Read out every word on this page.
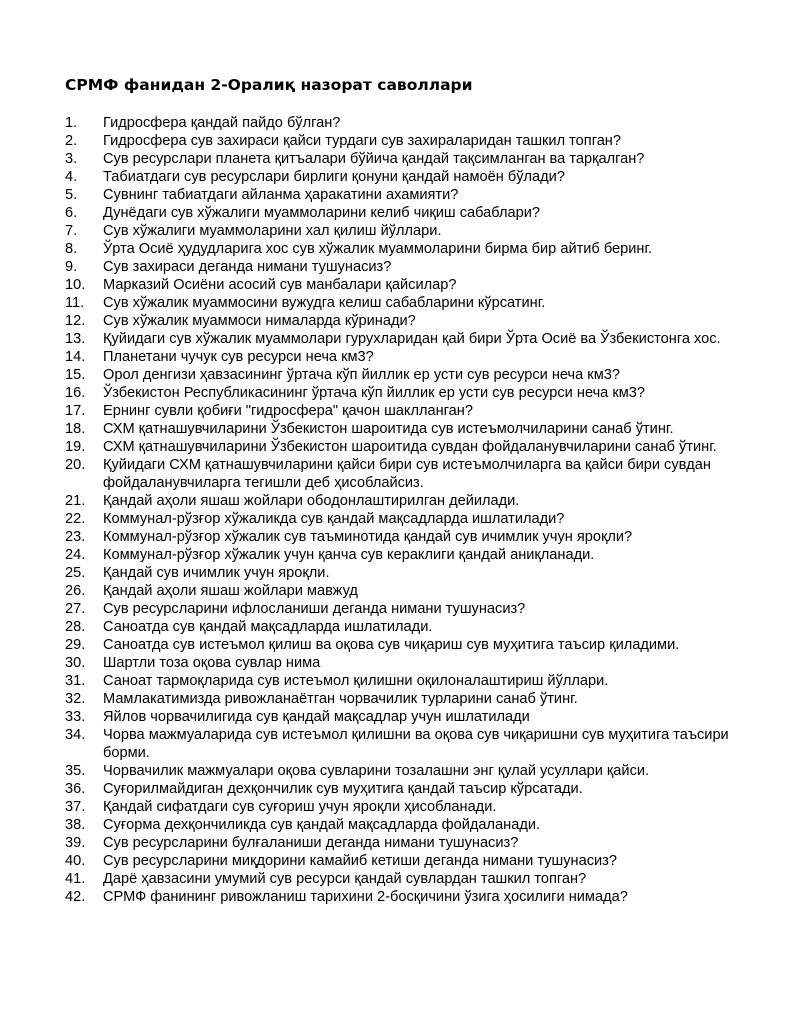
СРМФ фанидан 2-Оралиқ назорат саволлари
1.	Гидросфера қандай пайдо бўлган?
2.	Гидросфера сув захираси қайси турдаги сув захираларидан ташкил топган?
3.	Сув ресурслари планета қитъалари бўйича қандай тақсимланган ва тарқалган?
4.	Табиатдаги сув ресурслари бирлиги қонуни қандай намоён бўлади?
5.	Сувнинг табиатдаги айланма ҳаракатини ахамияти?
6.	Дунёдаги сув хўжалиги муаммоларини келиб чиқиш сабаблари?
7.	Сув хўжалиги муаммоларини хал қилиш йўллари.
8.	Ўрта Осиё ҳудудларига хос сув хўжалик муаммоларини бирма бир айтиб беринг.
9.	Сув захираси деганда нимани тушунасиз?
10.	Марказий Осиёни асосий сув манбалари қайсилар?
11.	Сув хўжалик муаммосини вужудга келиш сабабларини кўрсатинг.
12.	Сув хўжалик муаммоси нималарда кўринади?
13.	Қуйидаги сув хўжалик муаммолари гурухларидан қай бири Ўрта Осиё ва Ўзбекистонга хос.
14.	Планетани чучук сув ресурси неча км3?
15.	Орол денгизи ҳавзасининг ўртача кўп йиллик ер усти сув ресурси неча км3?
16.	Ўзбекистон Республикасининг ўртача кўп йиллик ер усти сув ресурси неча км3?
17.	Ернинг сувли қобиғи "гидросфера" қачон шаклланган?
18.	СХМ қатнашувчиларини Ўзбекистон шароитида сув истеъмолчиларини санаб ўтинг.
19.	СХМ қатнашувчиларини Ўзбекистон шароитида сувдан фойдаланувчиларини санаб ўтинг.
20.	Қуйидаги СХМ қатнашувчиларини қайси бири сув истеъмолчиларга ва қайси бири сувдан фойдаланувчиларга тегишли деб ҳисоблайсиз.
21.	Қандай аҳоли яшаш жойлари ободонлаштирилган дейилади.
22.	Коммунал-рўзғор хўжаликда сув қандай мақсадларда ишлатилади?
23.	Коммунал-рўзғор хўжалик сув таъминотида қандай сув ичимлик учун яроқли?
24.	Коммунал-рўзғор хўжалик учун қанча сув кераклиги қандай аниқланади.
25.	Қандай сув ичимлик учун яроқли.
26.	Қандай аҳоли яшаш жойлари мавжуд
27.	Сув ресурсларини ифлосланиши деганда нимани тушунасиз?
28.	Саноатда сув қандай мақсадларда ишлатилади.
29.	Саноатда сув истеъмол қилиш ва оқова сув чиқариш сув муҳитига таъсир қиладими.
30.	Шартли тоза оқова сувлар нима
31.	Саноат тармоқларида сув истеъмол қилишни оқилоналаштириш йўллари.
32.	Мамлакатимизда ривожланаётган чорвачилик турларини санаб ўтинг.
33.	Яйлов чорвачилигида сув қандай мақсадлар учун ишлатилади
34.	Чорва мажмуаларида сув истеъмол қилишни ва оқова сув чиқаришни сув муҳитига таъсири борми.
35.	Чорвачилик мажмуалари оқова сувларини тозалашни энг қулай усуллари қайси.
36.	Суғорилмайдиган дехқончилик сув муҳитига қандай таъсир кўрсатади.
37.	Қандай сифатдаги сув суғориш учун яроқли ҳисобланади.
38.	Суғорма дехқончиликда сув қандай мақсадларда фойдаланади.
39.	Сув ресурсларини булғаланиши деганда нимани тушунасиз?
40.	Сув ресурсларини миқдорини камайиб кетиши деганда нимани тушунасиз?
41.	Дарё ҳавзасини умумий сув ресурси қандай сувлардан ташкил топган?
42.	СРМФ фанининг ривожланиш тарихини 2-босқичини ўзига ҳосилиги нимада?
